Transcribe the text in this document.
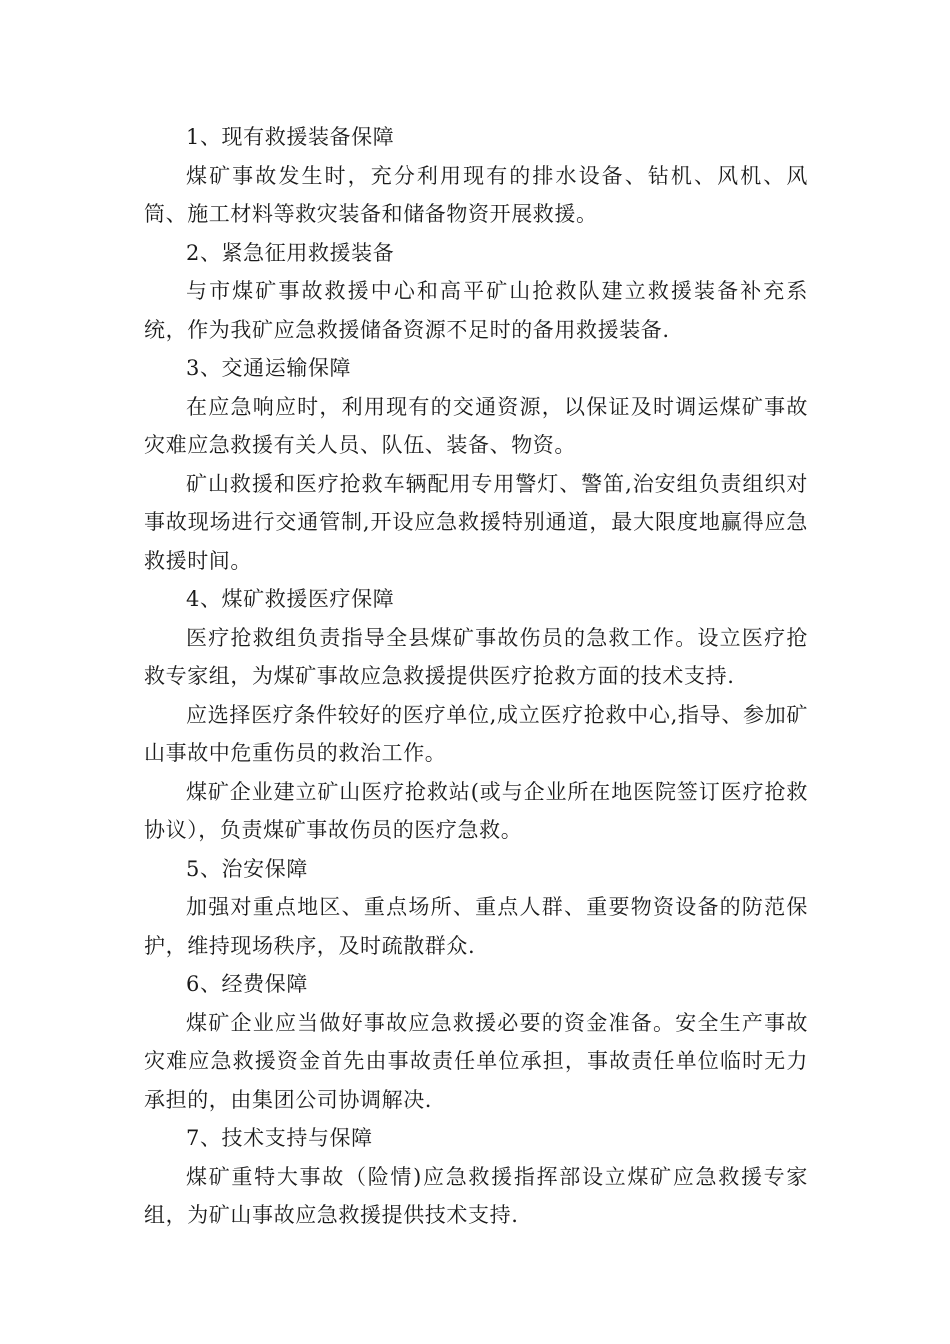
1、现有救援装备保障

煤矿事故发生时，充分利用现有的排水设备、钻机、风机、风筒、施工材料等救灾装备和储备物资开展救援。

2、紧急征用救援装备

与市煤矿事故救援中心和高平矿山抢救队建立救援装备补充系统，作为我矿应急救援储备资源不足时的备用救援装备.

3、交通运输保障

在应急响应时，利用现有的交通资源，以保证及时调运煤矿事故灾难应急救援有关人员、队伍、装备、物资。

矿山救援和医疗抢救车辆配用专用警灯、警笛,治安组负责组织对事故现场进行交通管制,开设应急救援特别通道，最大限度地赢得应急救援时间。

4、煤矿救援医疗保障

医疗抢救组负责指导全县煤矿事故伤员的急救工作。设立医疗抢救专家组，为煤矿事故应急救援提供医疗抢救方面的技术支持.

应选择医疗条件较好的医疗单位,成立医疗抢救中心,指导、参加矿山事故中危重伤员的救治工作。

煤矿企业建立矿山医疗抢救站(或与企业所在地医院签订医疗抢救协议），负责煤矿事故伤员的医疗急救。

5、治安保障

加强对重点地区、重点场所、重点人群、重要物资设备的防范保护，维持现场秩序，及时疏散群众.

6、经费保障

煤矿企业应当做好事故应急救援必要的资金准备。安全生产事故灾难应急救援资金首先由事故责任单位承担，事故责任单位临时无力承担的，由集团公司协调解决.

7、技术支持与保障

煤矿重特大事故（险情)应急救援指挥部设立煤矿应急救援专家组，为矿山事故应急救援提供技术支持.
